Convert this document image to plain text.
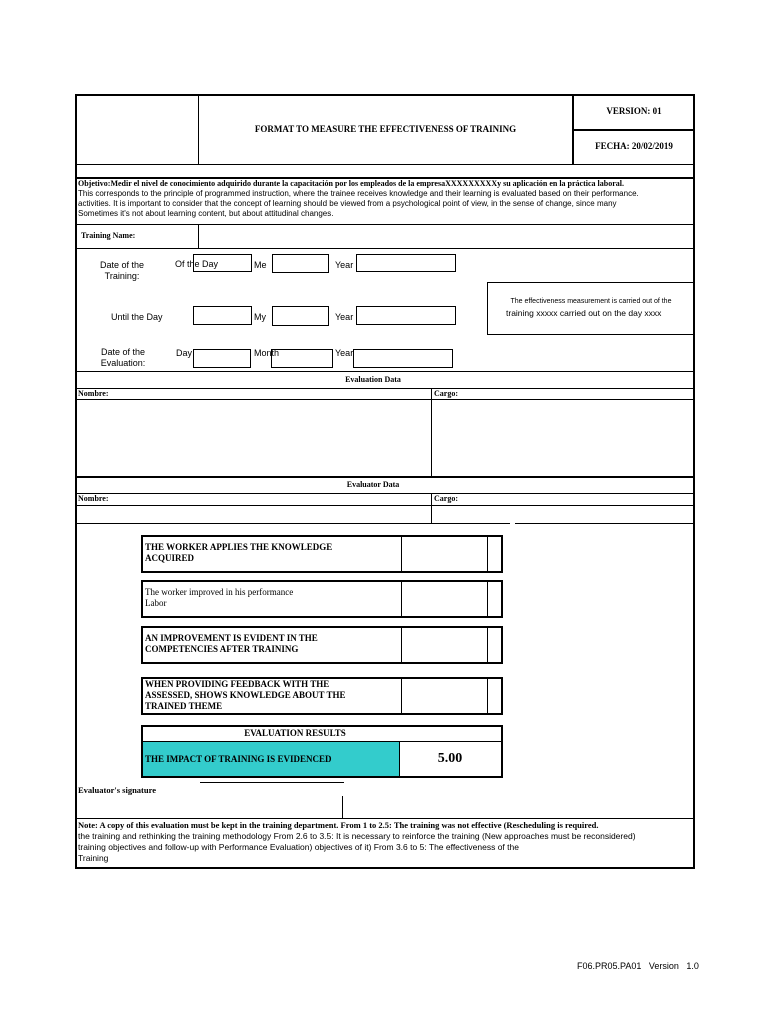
FORMAT TO MEASURE THE EFFECTIVENESS OF TRAINING
VERSION: 01
FECHA: 20/02/2019
Objetivo:Medir el nivel de conocimiento adquirido durante la capacitación por los empleados de la empresaXXXXXXXXXy su aplicación en la práctica laboral.
This corresponds to the principle of programmed instruction, where the trainee receives knowledge and their learning is evaluated based on their performance.
activities. It is important to consider that the concept of learning should be viewed from a psychological point of view, in the sense of change, since many
Sometimes it's not about learning content, but about attitudinal changes.
Training Name:
Date of the Training:
Of the Day	Me	Year
The effectiveness measurement is carried out of the
training xxxxx carried out on the day xxxx
Until the Day	My	Year
Date of the Evaluation:
Day	Month	Year
Evaluation Data
Nombre:	Cargo:
Evaluator Data
Nombre:	Cargo:
THE WORKER APPLIES THE KNOWLEDGE
ACQUIRED
The worker improved in his performance
Labor
AN IMPROVEMENT IS EVIDENT IN THE
COMPETENCIES AFTER TRAINING
WHEN PROVIDING FEEDBACK WITH THE
ASSESSED, SHOWS KNOWLEDGE ABOUT THE
TRAINED THEME
EVALUATION RESULTS
THE IMPACT OF TRAINING IS EVIDENCED	5.00
Evaluator's signature
Note: A copy of this evaluation must be kept in the training department. From 1 to 2.5: The training was not effective (Rescheduling is required.
the training and rethinking the training methodology From 2.6 to 3.5: It is necessary to reinforce the training (New approaches must be reconsidered)
training objectives and follow-up with Performance Evaluation) objectives of it) From 3.6 to 5: The effectiveness of the
Training
F06.PR05.PA01   Version   1.0
